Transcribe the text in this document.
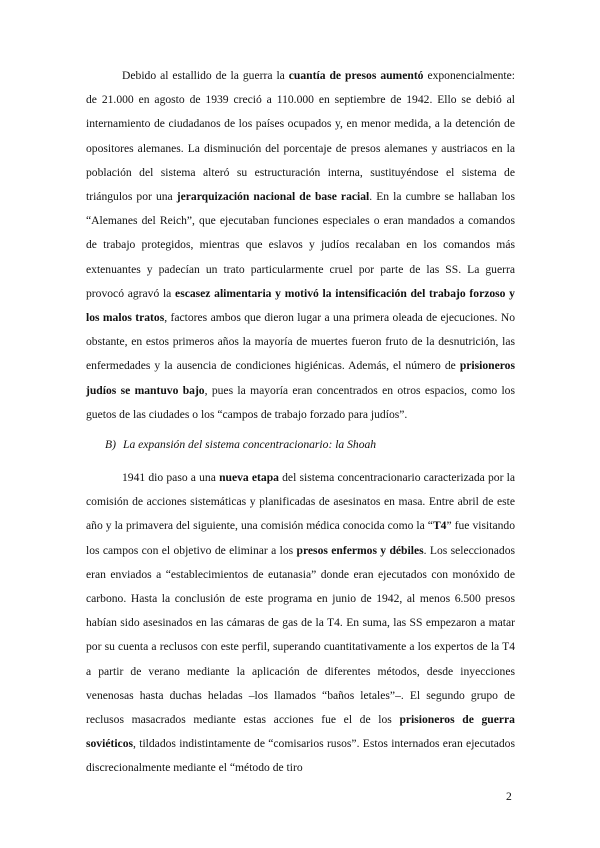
Debido al estallido de la guerra la cuantía de presos aumentó exponencialmente: de 21.000 en agosto de 1939 creció a 110.000 en septiembre de 1942. Ello se debió al internamiento de ciudadanos de los países ocupados y, en menor medida, a la detención de opositores alemanes. La disminución del porcentaje de presos alemanes y austriacos en la población del sistema alteró su estructuración interna, sustituyéndose el sistema de triángulos por una jerarquización nacional de base racial. En la cumbre se hallaban los “Alemanes del Reich”, que ejecutaban funciones especiales o eran mandados a comandos de trabajo protegidos, mientras que eslavos y judíos recalaban en los comandos más extenuantes y padecían un trato particularmente cruel por parte de las SS. La guerra provocó agravó la escasez alimentaria y motivó la intensificación del trabajo forzoso y los malos tratos, factores ambos que dieron lugar a una primera oleada de ejecuciones. No obstante, en estos primeros años la mayoría de muertes fueron fruto de la desnutrición, las enfermedades y la ausencia de condiciones higiénicas. Además, el número de prisioneros judíos se mantuvo bajo, pues la mayoría eran concentrados en otros espacios, como los guetos de las ciudades o los “campos de trabajo forzado para judíos”.

B) La expansión del sistema concentracionario: la Shoah

1941 dio paso a una nueva etapa del sistema concentracionario caracterizada por la comisión de acciones sistemáticas y planificadas de asesinatos en masa. Entre abril de este año y la primavera del siguiente, una comisión médica conocida como la “T4” fue visitando los campos con el objetivo de eliminar a los presos enfermos y débiles. Los seleccionados eran enviados a “establecimientos de eutanasia” donde eran ejecutados con monóxido de carbono. Hasta la conclusión de este programa en junio de 1942, al menos 6.500 presos habían sido asesinados en las cámaras de gas de la T4. En suma, las SS empezaron a matar por su cuenta a reclusos con este perfil, superando cuantitativamente a los expertos de la T4 a partir de verano mediante la aplicación de diferentes métodos, desde inyecciones venenosas hasta duchas heladas –los llamados “baños letales”–. El segundo grupo de reclusos masacrados mediante estas acciones fue el de los prisioneros de guerra soviéticos, tildados indistintamente de “comisarios rusos”. Estos internados eran ejecutados discrecionalmente mediante el “método de tiro

2
